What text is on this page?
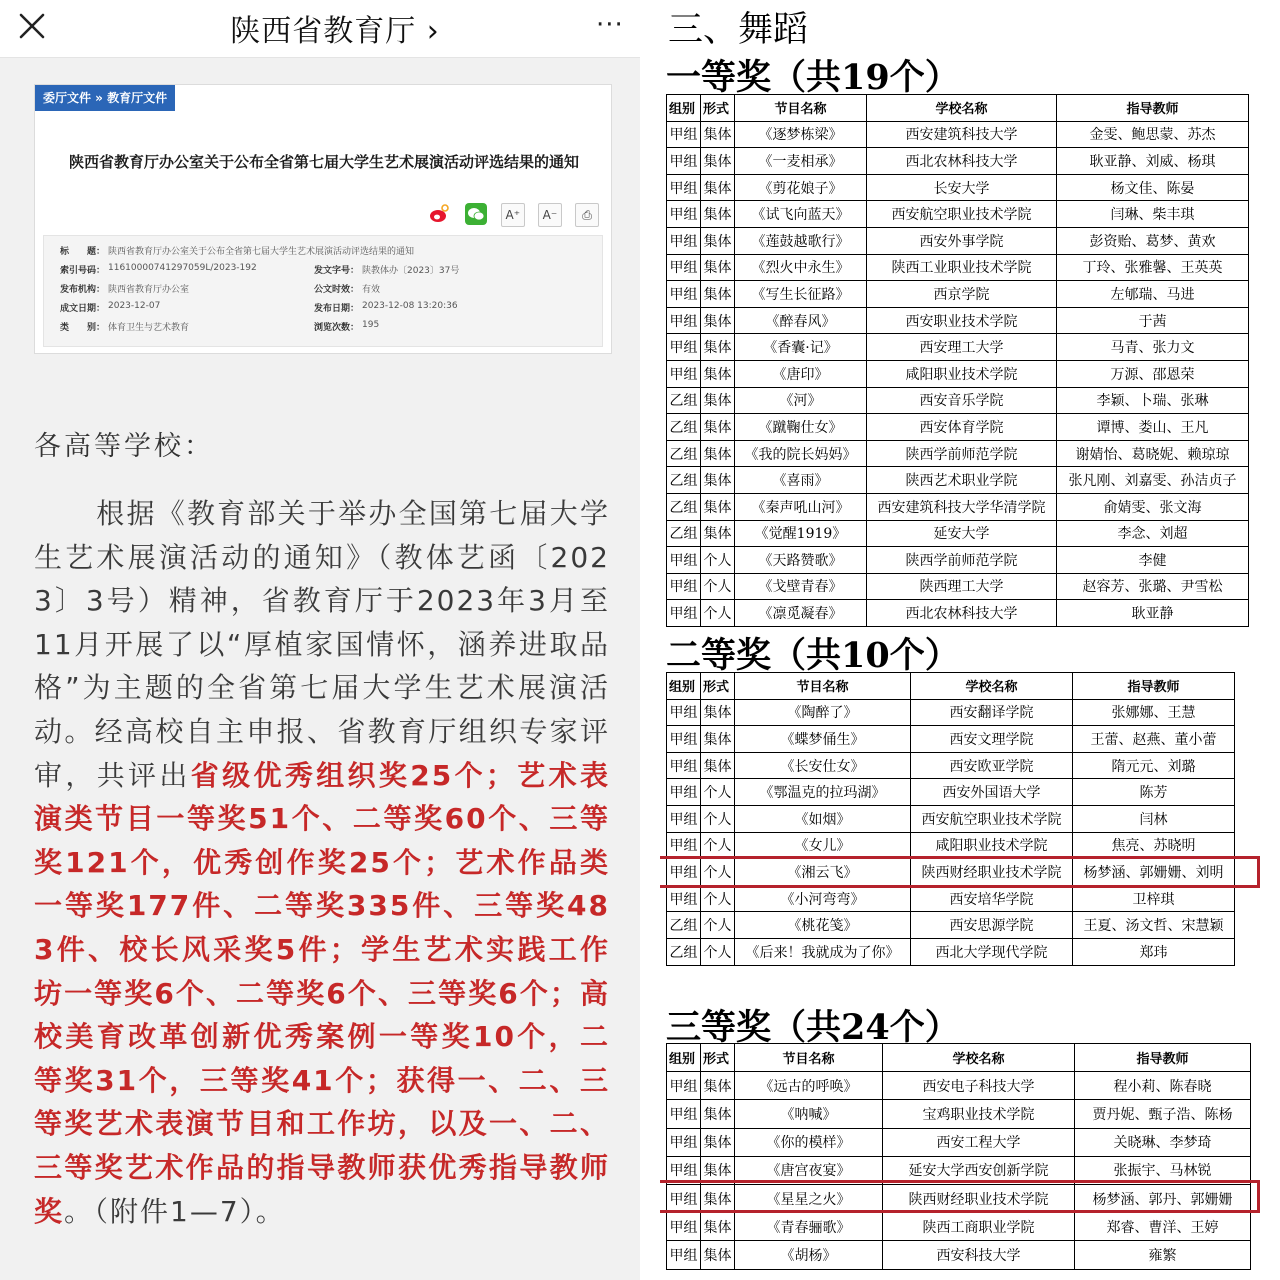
陕西省教育厅 ›	···
委厅文件 » 教育厅文件
陕西省教育厅办公室关于公布全省第七届大学生艺术展演活动评选结果的通知
A⁺ A⁻ ⎙
标　　题： 陕西省教育厅办公室关于公布全省第七届大学生艺术展演活动评选结果的通知
索引号码： 11610000741297059L/2023-192	发文字号： 陕教体办〔2023〕37号
发布机构： 陕西省教育厅办公室	公文时效： 有效
成文日期： 2023-12-07	发布日期： 2023-12-08 13:20:36
类　　别： 体育卫生与艺术教育	浏览次数： 195
各高等学校：
根据《教育部关于举办全国第七届大学生艺术展演活动的通知》（教体艺函〔2023〕3号）精神，省教育厅于2023年3月至11月开展了以“厚植家国情怀，涵养进取品格”为主题的全省第七届大学生艺术展演活动。经高校自主申报、省教育厅组织专家评审，共评出省级优秀组织奖25个；艺术表演类节目一等奖51个、二等奖60个、三等奖121个，优秀创作奖25个；艺术作品类一等奖177件、二等奖335件、三等奖483件、校长风采奖5件；学生艺术实践工作坊一等奖6个、二等奖6个、三等奖6个；高校美育改革创新优秀案例一等奖10个，二等奖31个，三等奖41个；获得一、二、三等奖艺术表演节目和工作坊，以及一、二、三等奖艺术作品的指导教师获优秀指导教师奖。（附件1—7）。
三、舞蹈
一等奖（共19个）
组别	形式	节目名称	学校名称	指导教师
甲组	集体	《逐梦栋梁》	西安建筑科技大学	金雯、鲍思蒙、苏杰
甲组	集体	《一麦相承》	西北农林科技大学	耿亚静、刘威、杨琪
甲组	集体	《剪花娘子》	长安大学	杨文佳、陈晏
甲组	集体	《试飞向蓝天》	西安航空职业技术学院	闫琳、柴丰琪
甲组	集体	《莲鼓越歌行》	西安外事学院	彭资贻、葛梦、黄欢
甲组	集体	《烈火中永生》	陕西工业职业技术学院	丁玲、张雅馨、王英英
甲组	集体	《写生长征路》	西京学院	左郇瑞、马进
甲组	集体	《醉春风》	西安职业技术学院	于茜
甲组	集体	《香囊·记》	西安理工大学	马青、张力文
甲组	集体	《唐印》	咸阳职业技术学院	万源、邵恩荣
乙组	集体	《河》	西安音乐学院	李颖、卜瑞、张琳
乙组	集体	《蹴鞠仕女》	西安体育学院	谭博、娄山、王凡
乙组	集体	《我的院长妈妈》	陕西学前师范学院	谢婧怡、葛晓妮、赖琼琼
乙组	集体	《喜雨》	陕西艺术职业学院	张凡刚、刘嘉雯、孙洁贞子
乙组	集体	《秦声吼山河》	西安建筑科技大学华清学院	俞婧雯、张文海
乙组	集体	《觉醒1919》	延安大学	李念、刘超
甲组	个人	《天路赞歌》	陕西学前师范学院	李健
甲组	个人	《戈壁青春》	陕西理工大学	赵容芳、张璐、尹雪松
甲组	个人	《凛觅凝春》	西北农林科技大学	耿亚静
二等奖（共10个）
组别	形式	节目名称	学校名称	指导教师
甲组	集体	《陶醉了》	西安翻译学院	张娜娜、王慧
甲组	集体	《蝶梦俑生》	西安文理学院	王蕾、赵燕、董小蕾
甲组	集体	《长安仕女》	西安欧亚学院	隋元元、刘璐
甲组	个人	《鄂温克的拉玛湖》	西安外国语大学	陈芳
甲组	个人	《如烟》	西安航空职业技术学院	闫林
甲组	个人	《女儿》	咸阳职业技术学院	焦亮、苏晓明
甲组	个人	《湘云飞》	陕西财经职业技术学院	杨梦涵、郭姗姗、刘明
甲组	个人	《小河弯弯》	西安培华学院	卫梓琪
乙组	个人	《桃花笺》	西安思源学院	王夏、汤文哲、宋慧颖
乙组	个人	《后来！我就成为了你》	西北大学现代学院	郑玮
三等奖（共24个）
组别	形式	节目名称	学校名称	指导教师
甲组	集体	《远古的呼唤》	西安电子科技大学	程小莉、陈春晓
甲组	集体	《呐喊》	宝鸡职业技术学院	贾丹妮、甄子浩、陈杨
甲组	集体	《你的模样》	西安工程大学	关晓琳、李梦琦
甲组	集体	《唐宫夜宴》	延安大学西安创新学院	张振宇、马林锐
甲组	集体	《星星之火》	陕西财经职业技术学院	杨梦涵、郭丹、郭姗姗
甲组	集体	《青春骊歌》	陕西工商职业学院	郑睿、曹洋、王婷
甲组	集体	《胡杨》	西安科技大学	雍繁
